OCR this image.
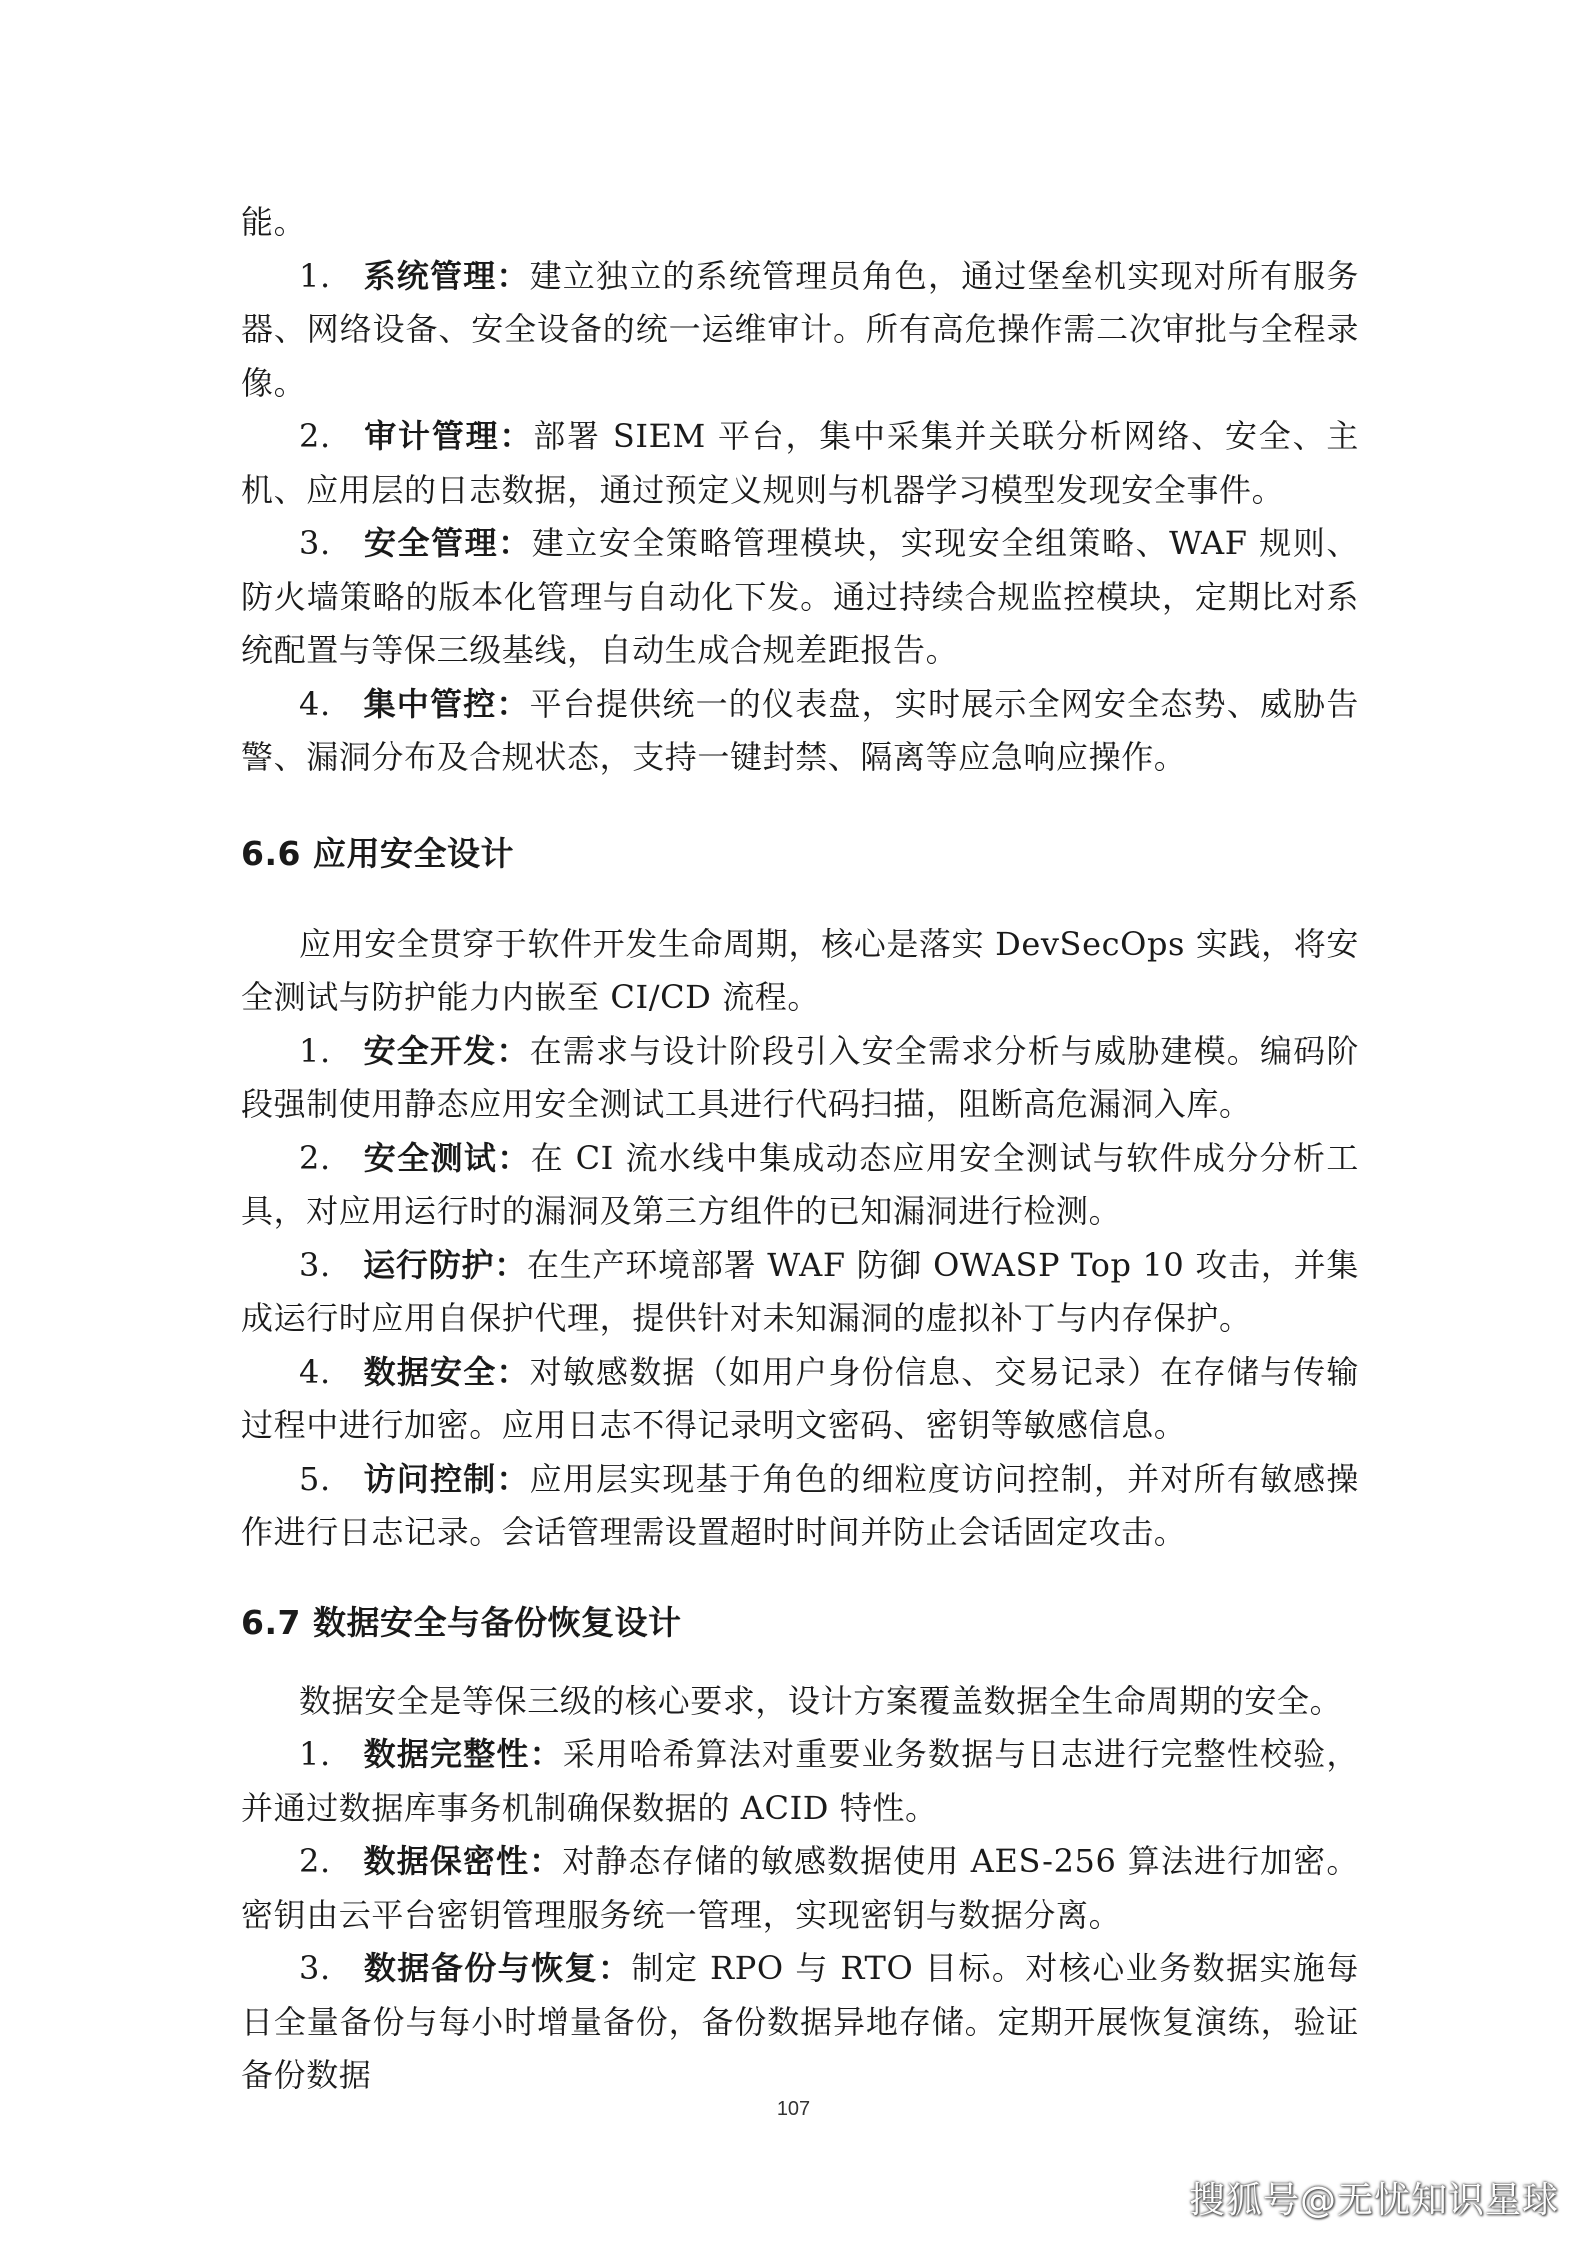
能。

1. 系统管理：建立独立的系统管理员角色，通过堡垒机实现对所有服务器、网络设备、安全设备的统一运维审计。所有高危操作需二次审批与全程录像。

2. 审计管理：部署 SIEM 平台，集中采集并关联分析网络、安全、主机、应用层的日志数据，通过预定义规则与机器学习模型发现安全事件。

3. 安全管理：建立安全策略管理模块，实现安全组策略、WAF 规则、防火墙策略的版本化管理与自动化下发。通过持续合规监控模块，定期比对系统配置与等保三级基线，自动生成合规差距报告。

4. 集中管控：平台提供统一的仪表盘，实时展示全网安全态势、威胁告警、漏洞分布及合规状态，支持一键封禁、隔离等应急响应操作。

6.6 应用安全设计

应用安全贯穿于软件开发生命周期，核心是落实 DevSecOps 实践，将安全测试与防护能力内嵌至 CI/CD 流程。

1. 安全开发：在需求与设计阶段引入安全需求分析与威胁建模。编码阶段强制使用静态应用安全测试工具进行代码扫描，阻断高危漏洞入库。

2. 安全测试：在 CI 流水线中集成动态应用安全测试与软件成分分析工具，对应用运行时的漏洞及第三方组件的已知漏洞进行检测。

3. 运行防护：在生产环境部署 WAF 防御 OWASP Top 10 攻击，并集成运行时应用自保护代理，提供针对未知漏洞的虚拟补丁与内存保护。

4. 数据安全：对敏感数据（如用户身份信息、交易记录）在存储与传输过程中进行加密。应用日志不得记录明文密码、密钥等敏感信息。

5. 访问控制：应用层实现基于角色的细粒度访问控制，并对所有敏感操作进行日志记录。会话管理需设置超时时间并防止会话固定攻击。

6.7 数据安全与备份恢复设计

数据安全是等保三级的核心要求，设计方案覆盖数据全生命周期的安全。

1. 数据完整性：采用哈希算法对重要业务数据与日志进行完整性校验，并通过数据库事务机制确保数据的 ACID 特性。

2. 数据保密性：对静态存储的敏感数据使用 AES-256 算法进行加密。密钥由云平台密钥管理服务统一管理，实现密钥与数据分离。

3. 数据备份与恢复：制定 RPO 与 RTO 目标。对核心业务数据实施每日全量备份与每小时增量备份，备份数据异地存储。定期开展恢复演练，验证备份数据

107
搜狐号@无忧知识星球
